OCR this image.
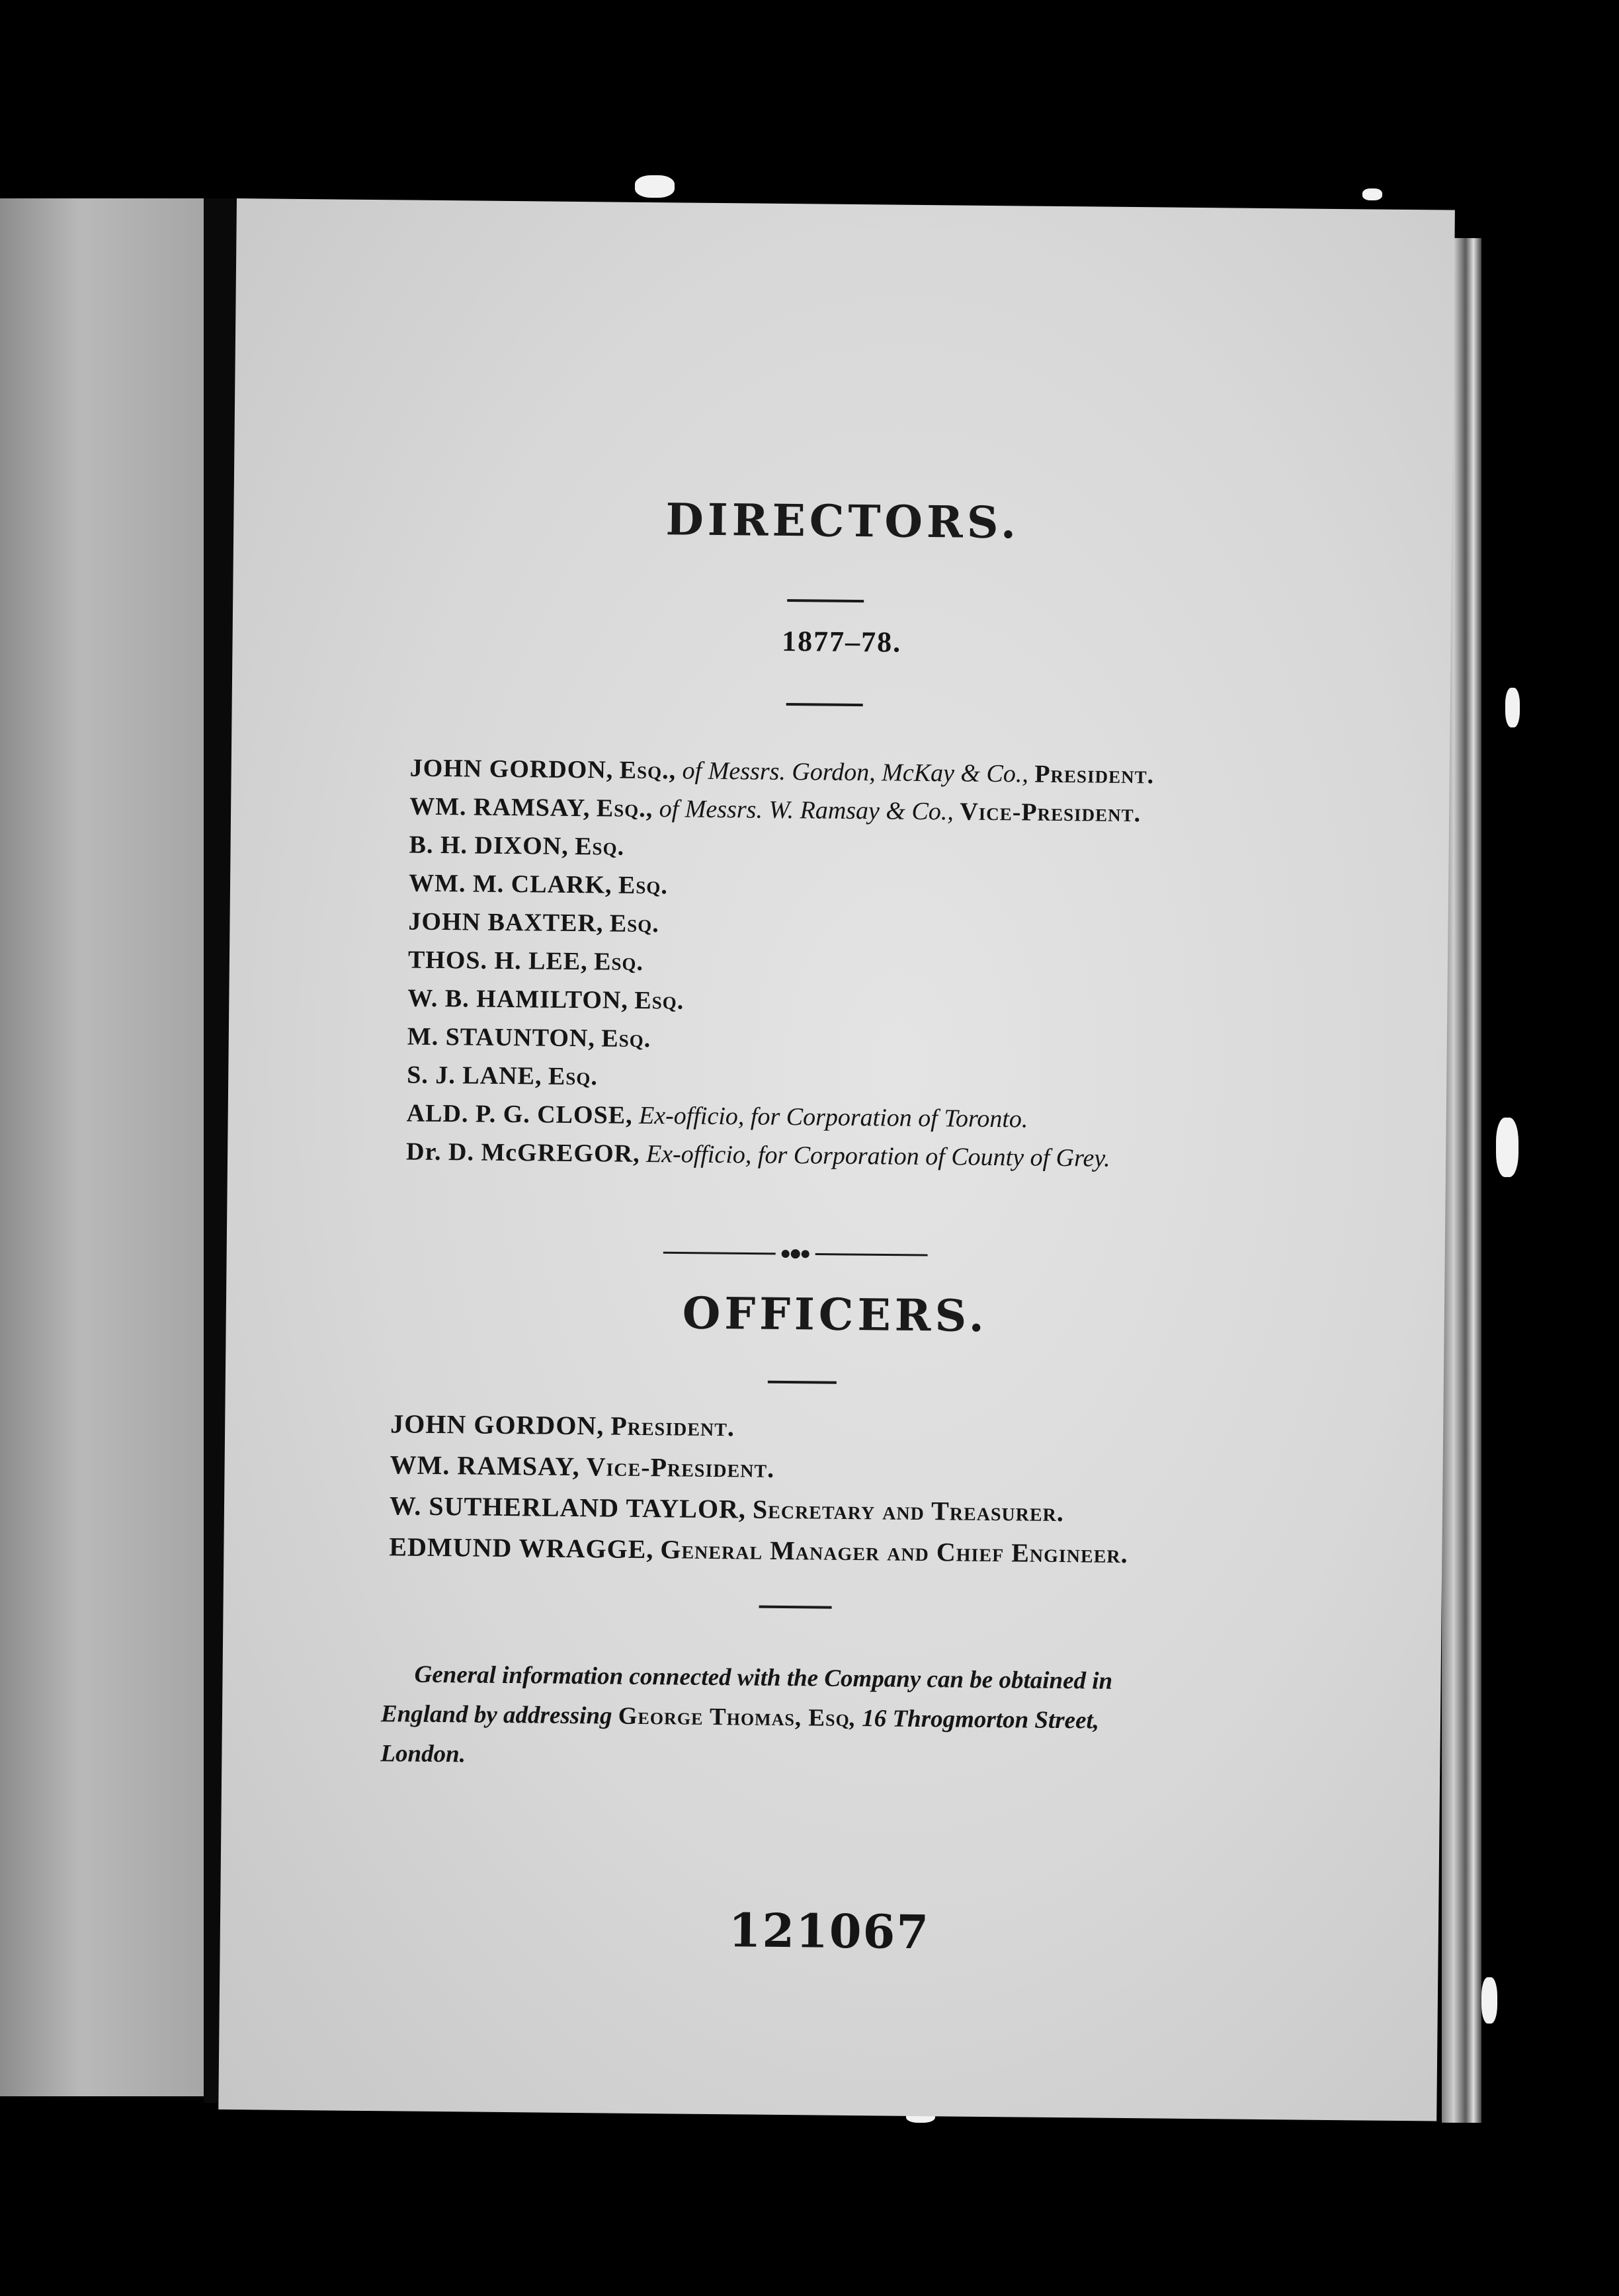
DIRECTORS.
1877–78.
JOHN GORDON, Esq., of Messrs. Gordon, McKay & Co., President.
WM. RAMSAY, Esq., of Messrs. W. Ramsay & Co., Vice-President.
B. H. DIXON, Esq.
WM. M. CLARK, Esq.
JOHN BAXTER, Esq.
THOS. H. LEE, Esq.
W. B. HAMILTON, Esq.
M. STAUNTON, Esq.
S. J. LANE, Esq.
ALD. P. G. CLOSE, Ex-officio, for Corporation of Toronto.
Dr. D. McGREGOR, Ex-officio, for Corporation of County of Grey.
OFFICERS.
JOHN GORDON, President.
WM. RAMSAY, Vice-President.
W. SUTHERLAND TAYLOR, Secretary and Treasurer.
EDMUND WRAGGE, General Manager and Chief Engineer.
General information connected with the Company can be obtained in
England by addressing George Thomas, Esq, 16 Throgmorton Street,
London.
121067
